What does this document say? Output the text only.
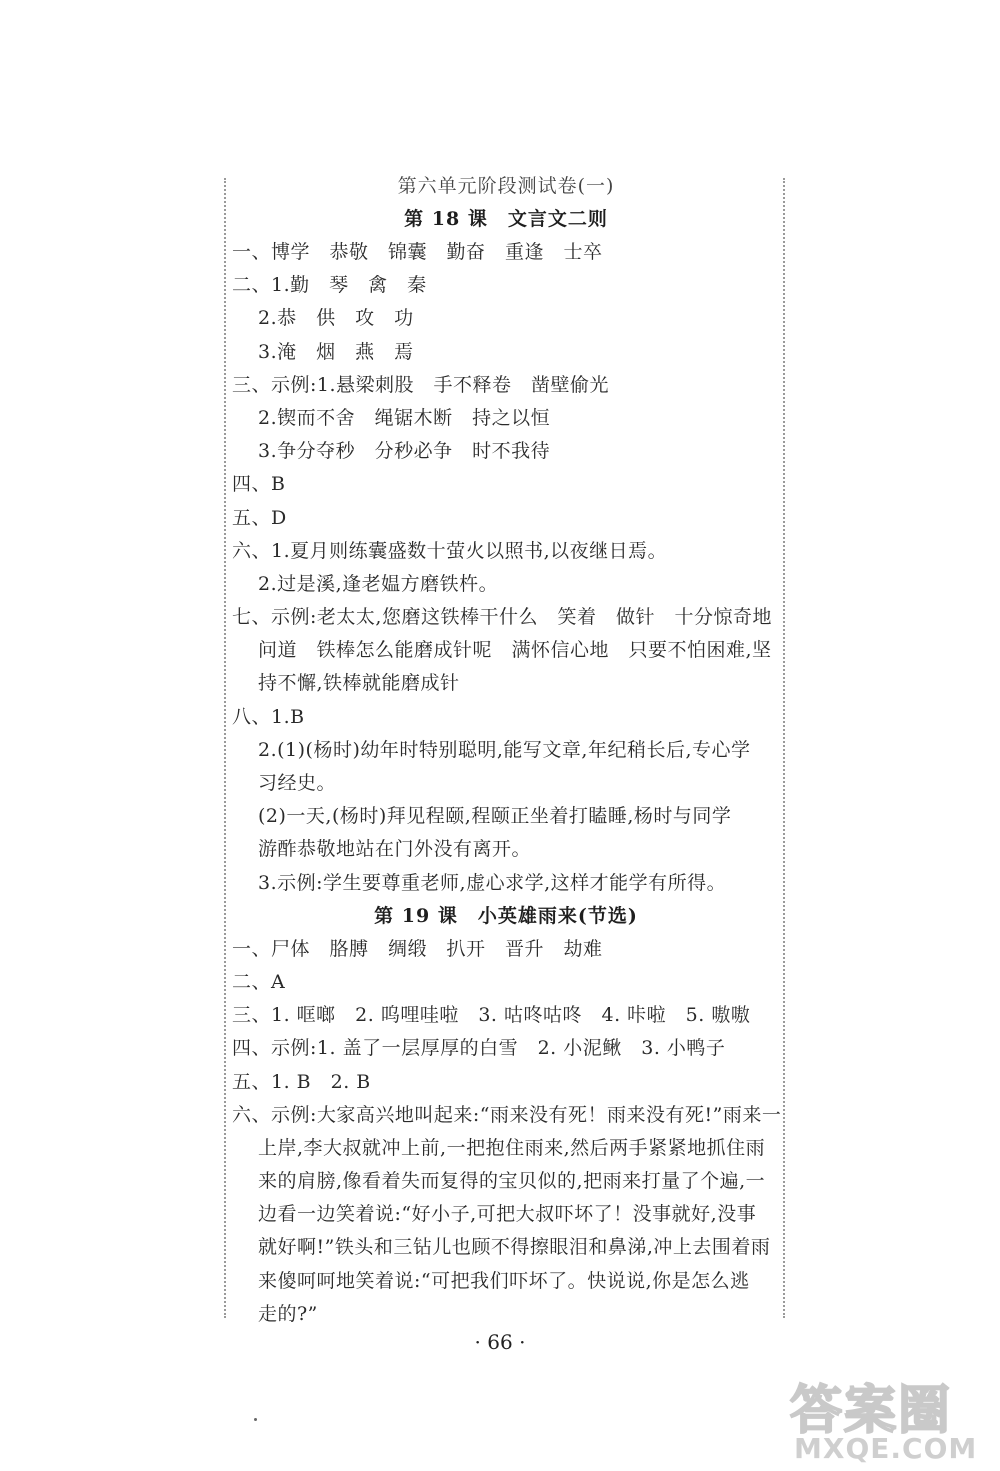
第六单元阶段测试卷(一)
第 18 课　文言文二则
一、博学　恭敬　锦囊　勤奋　重逢　士卒
二、1.勤　琴　禽　秦
2.恭　供　攻　功
3.淹　烟　燕　焉
三、示例:1.悬梁刺股　手不释卷　凿壁偷光
2.锲而不舍　绳锯木断　持之以恒
3.争分夺秒　分秒必争　时不我待
四、B
五、D
六、1.夏月则练囊盛数十萤火以照书,以夜继日焉。
2.过是溪,逢老媪方磨铁杵。
七、示例:老太太,您磨这铁棒干什么　笑着　做针　十分惊奇地
问道　铁棒怎么能磨成针呢　满怀信心地　只要不怕困难,坚
持不懈,铁棒就能磨成针
八、1.B
2.(1)(杨时)幼年时特别聪明,能写文章,年纪稍长后,专心学
习经史。
(2)一天,(杨时)拜见程颐,程颐正坐着打瞌睡,杨时与同学
游酢恭敬地站在门外没有离开。
3.示例:学生要尊重老师,虚心求学,这样才能学有所得。
第 19 课　小英雄雨来(节选)
一、尸体　胳膊　绸缎　扒开　晋升　劫难
二、A
三、1. 哐啷　2. 呜哩哇啦　3. 咕咚咕咚　4. 咔啦　5. 嗷嗷
四、示例:1. 盖了一层厚厚的白雪　2. 小泥鳅　3. 小鸭子
五、1. B　2. B
六、示例:大家高兴地叫起来:“雨来没有死！雨来没有死!”雨来一
上岸,李大叔就冲上前,一把抱住雨来,然后两手紧紧地抓住雨
来的肩膀,像看着失而复得的宝贝似的,把雨来打量了个遍,一
边看一边笑着说:“好小子,可把大叔吓坏了！没事就好,没事
就好啊!”铁头和三钻儿也顾不得擦眼泪和鼻涕,冲上去围着雨
来傻呵呵地笑着说:“可把我们吓坏了。快说说,你是怎么逃
走的?”
· 66 ·
答案圈
MXQE.COM
